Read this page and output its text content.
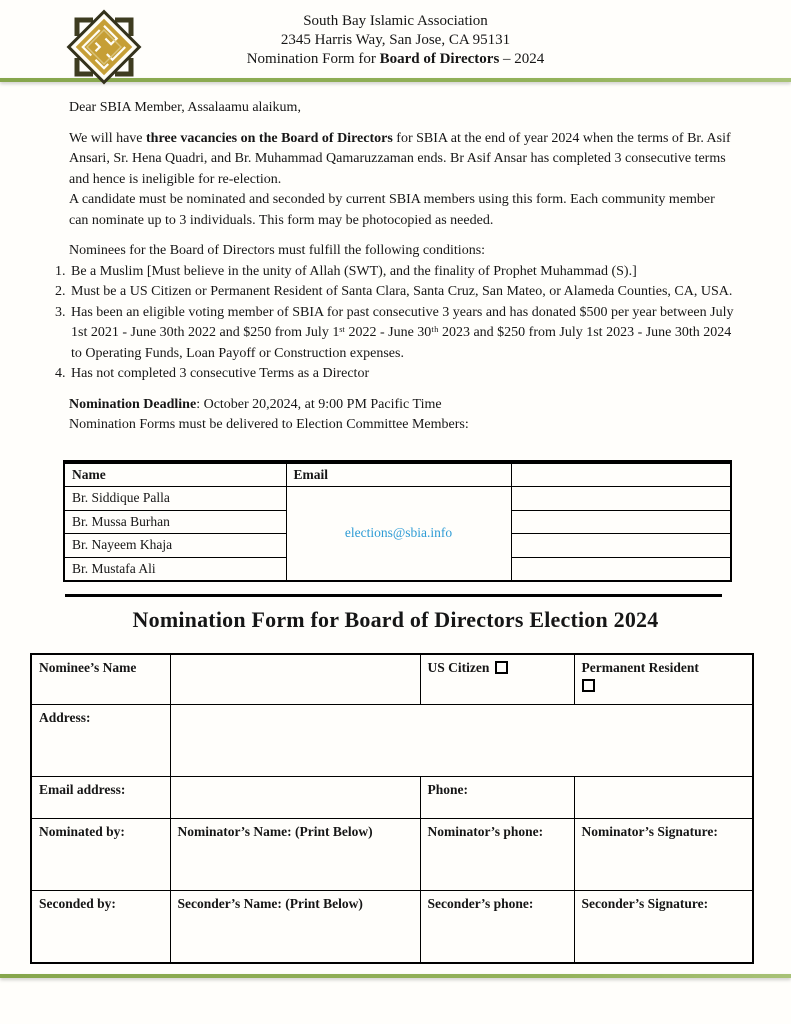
South Bay Islamic Association
2345 Harris Way, San Jose, CA 95131
Nomination Form for Board of Directors – 2024

Dear SBIA Member, Assalaamu alaikum,

We will have three vacancies on the Board of Directors for SBIA at the end of year 2024 when the terms of Br. Asif Ansari, Sr. Hena Quadri, and Br. Muhammad Qamaruzzaman ends. Br Asif Ansar has completed 3 consecutive terms and hence is ineligible for re-election.

A candidate must be nominated and seconded by current SBIA members using this form. Each community member can nominate up to 3 individuals. This form may be photocopied as needed.

Nominees for the Board of Directors must fulfill the following conditions:

1. Be a Muslim [Must believe in the unity of Allah (SWT), and the finality of Prophet Muhammad (S).]
2. Must be a US Citizen or Permanent Resident of Santa Clara, Santa Cruz, San Mateo, or Alameda Counties, CA, USA.
3. Has been an eligible voting member of SBIA for past consecutive 3 years and has donated $500 per year between July 1st 2021 - June 30th 2022 and $250 from July 1ˢᵗ 2022 - June 30ᵗʰ 2023 and $250 from July 1st 2023 - June 30th 2024 to Operating Funds, Loan Payoff or Construction expenses.
4. Has not completed 3 consecutive Terms as a Director

Nomination Deadline: October 20,2024, at 9:00 PM Pacific Time

Nomination Forms must be delivered to Election Committee Members:

Name	Email	
Br. Siddique Palla	elections@sbia.info	
Br. Mussa Burhan		
Br. Nayeem Khaja		
Br. Mustafa Ali		
Nomination Form for Board of Directors Election 2024
Nominee’s Name		US Citizen	Permanent Resident

Address:			
Email address:		Phone:	
Nominated by:	Nominator’s Name: (Print Below)	Nominator’s phone:	Nominator’s Signature:
Seconded by:	Seconder’s Name: (Print Below)	Seconder’s phone:	Seconder’s Signature:
